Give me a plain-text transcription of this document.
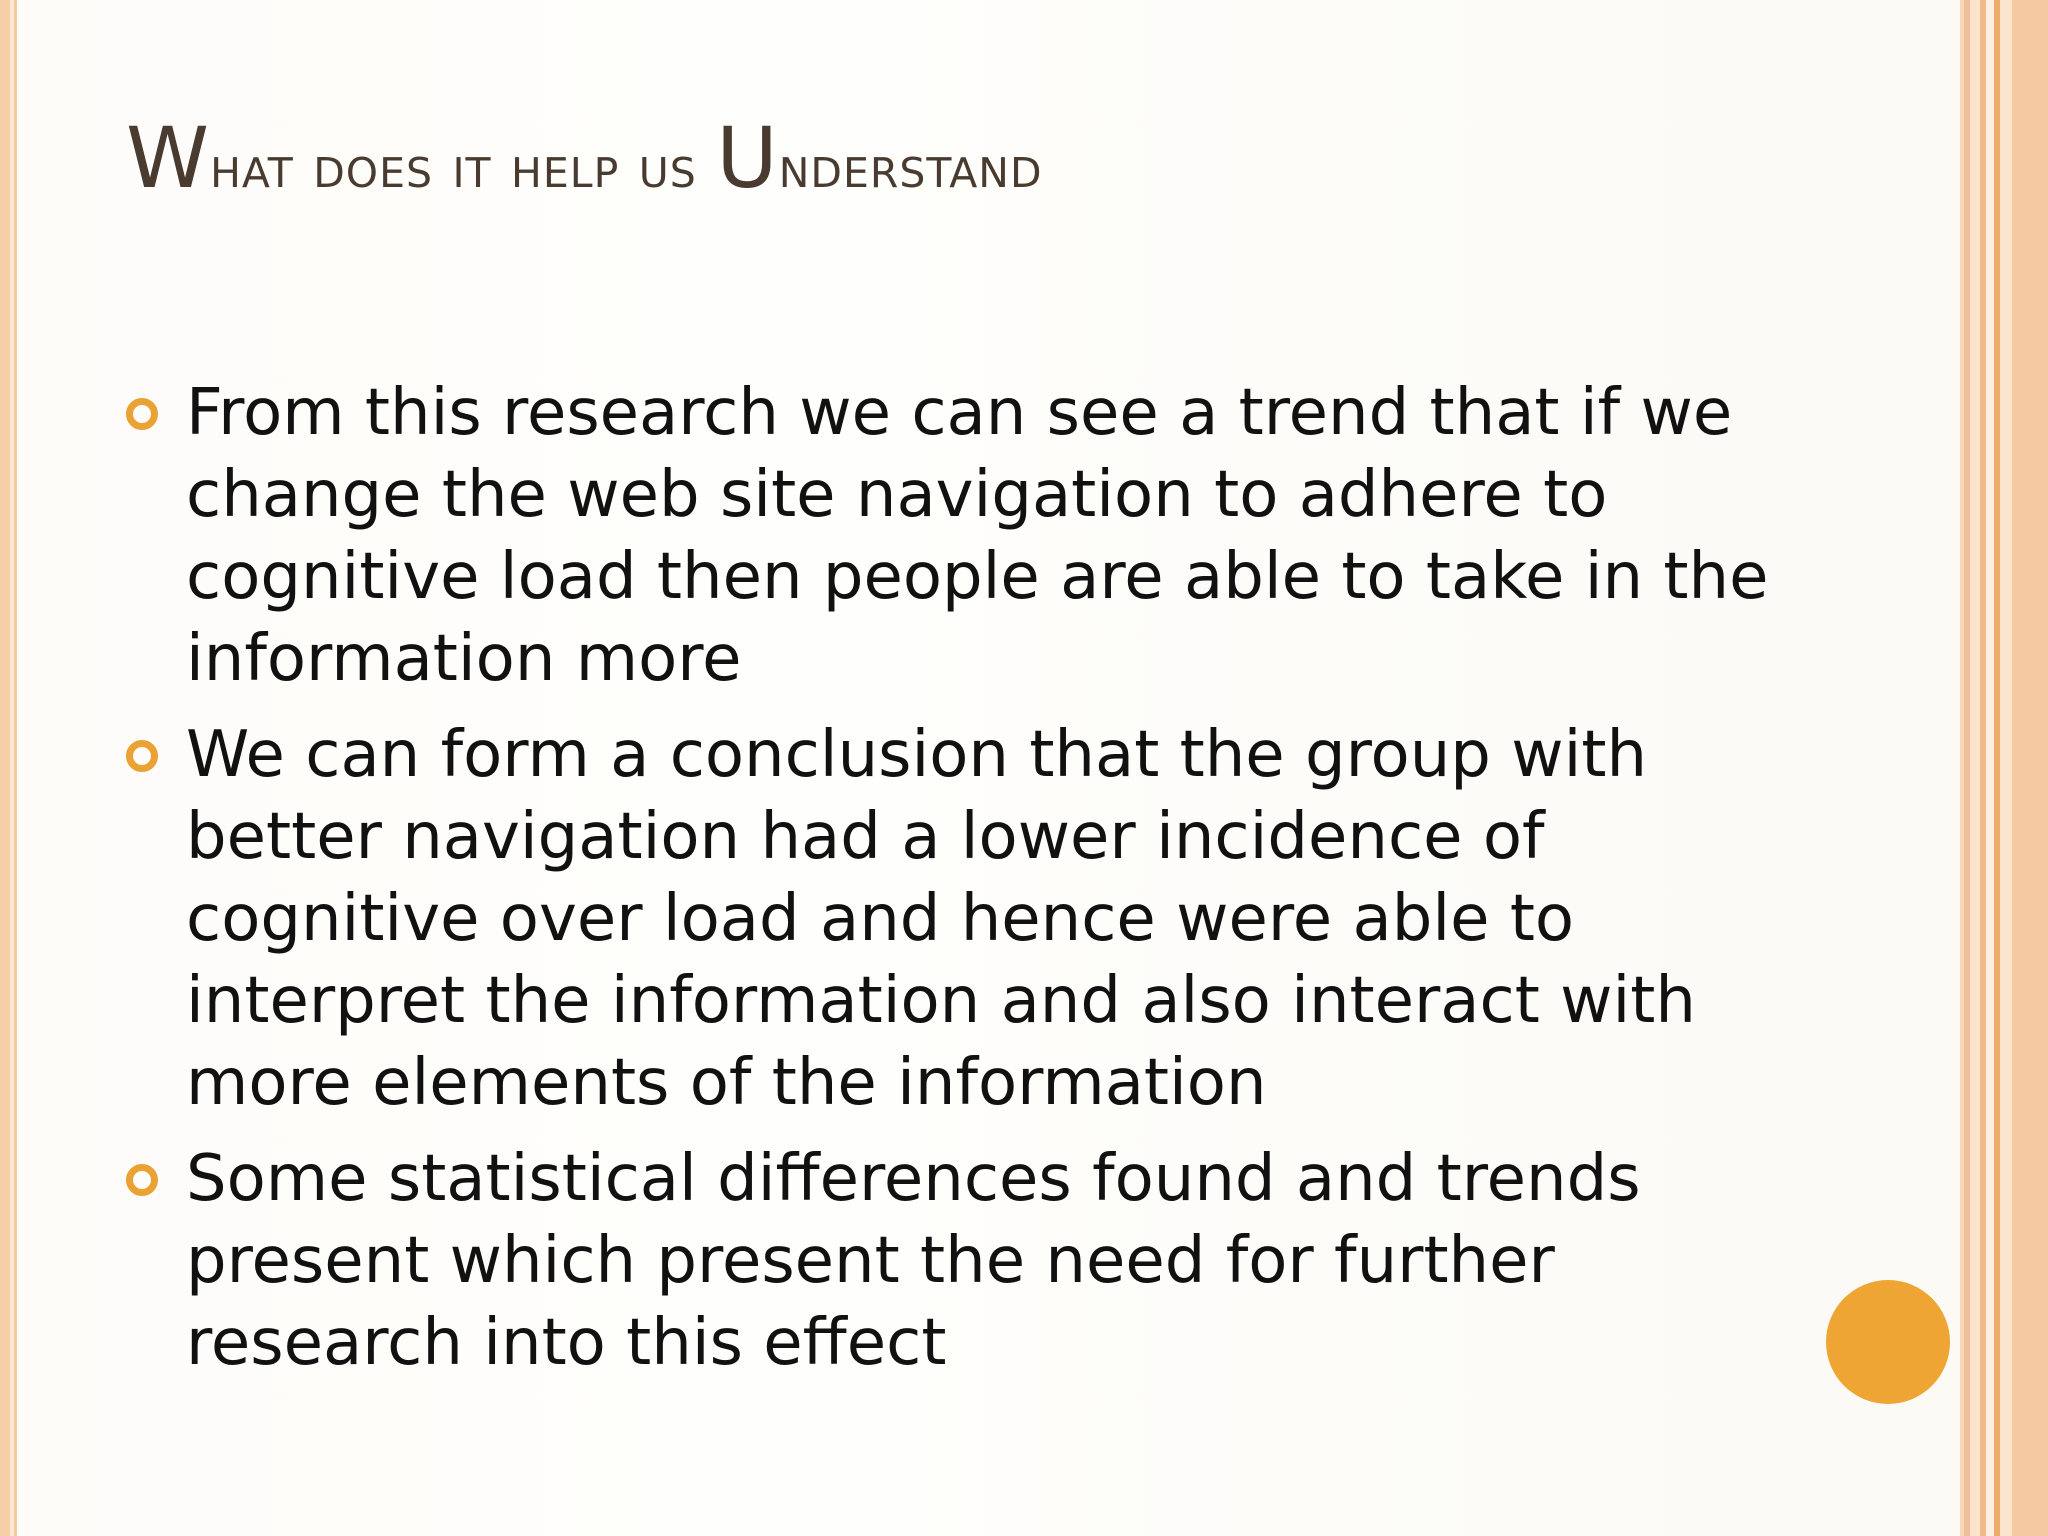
What does it help us Understand
From this research we can see a trend that if we change the web site navigation to adhere to cognitive load then people are able to take in the information more
We can form a conclusion that the group with better navigation had a lower incidence of cognitive over load and hence were able to interpret the information and also interact with more elements of the information
Some statistical differences found and trends present which present the need for further research into this effect
